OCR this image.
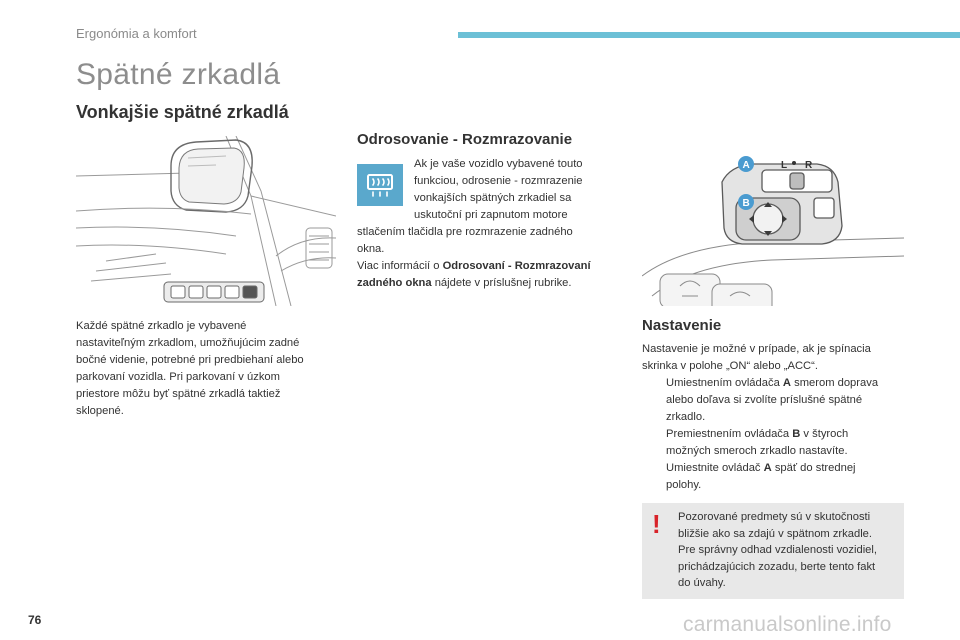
Ergonómia a komfort
Spätné zrkadlá
Vonkajšie spätné zrkadlá

Každé spätné zrkadlo je vybavené

nastaviteľným zrkadlom, umožňujúcim zadné

bočné videnie, potrebné pri predbiehaní alebo

parkovaní vozidla. Pri parkovaní v úzkom

priestore môžu byť spätné zrkadlá taktiež

sklopené.

Odrosovanie - Rozmrazovanie

Ak je vaše vozidlo vybavené touto

funkciou, odrosenie - rozmrazenie

vonkajších spätných zrkadiel sa

uskutoční pri zapnutom motore

stlačením tlačidla pre rozmrazenie zadného

okna.

Viac informácií o Odrosovaní - Rozmrazovaní

zadného okna nájdete v príslušnej rubrike.

L R
A
B
Nastavenie

Nastavenie je možné v prípade, ak je spínacia

skrinka v polohe „ON“ alebo „ACC“.

Umiestnením ovládača A smerom doprava
alebo doľava si zvolíte príslušné spätné
zrkadlo.
Premiestnením ovládača B v štyroch
možných smeroch zrkadlo nastavíte.
Umiestnite ovládač A späť do strednej
polohy.
! Pozorované predmety sú v skutočnosti
bližšie ako sa zdajú v spätnom zrkadle.
Pre správny odhad vzdialenosti vozidiel,
prichádzajúcich zozadu, berte tento fakt
do úvahy.
76	carmanualsonline.info
